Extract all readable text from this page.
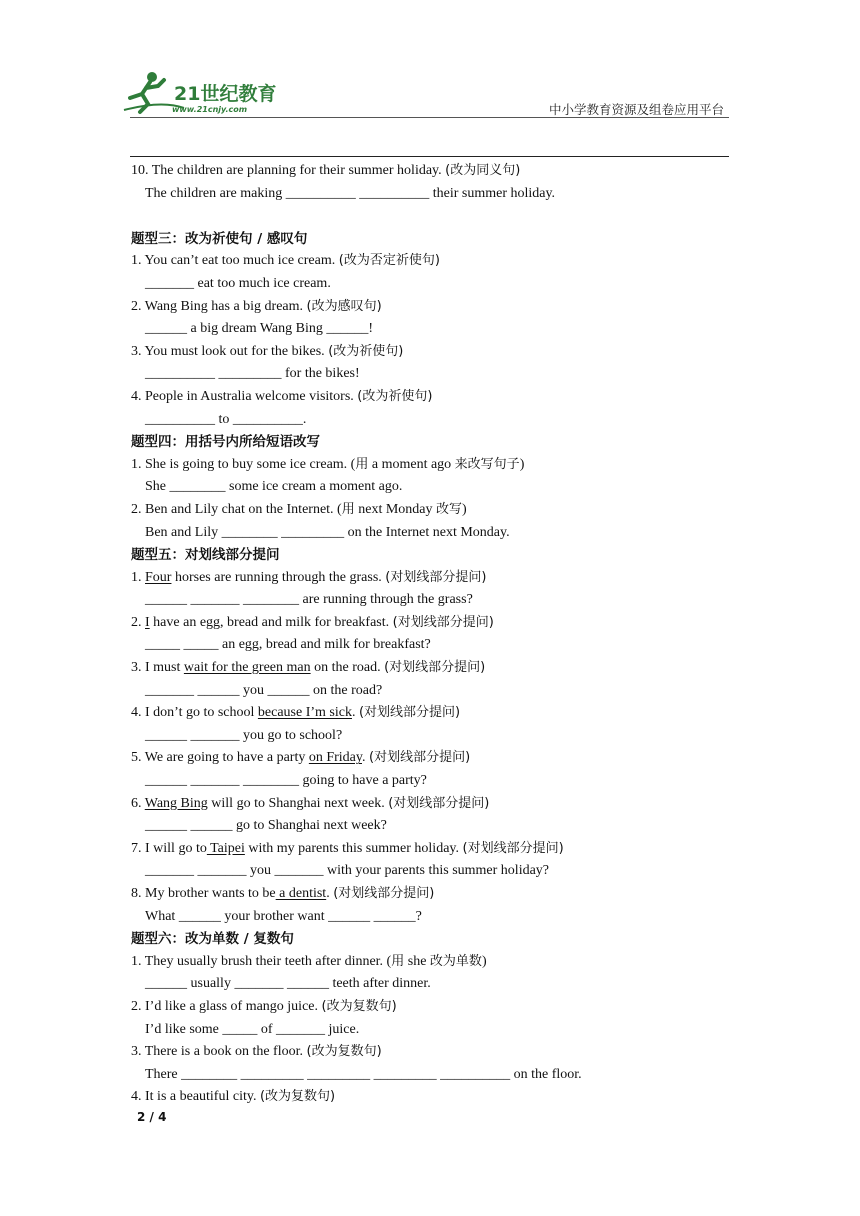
21世纪教育
www.21cnjy.com	中小学教育资源及组卷应用平台
10. The children are planning for their summer holiday. (改为同义句)
The children are making __________ __________ their summer holiday.
题型三：改为祈使句 / 感叹句
1. You can’t eat too much ice cream. (改为否定祈使句)
_______ eat too much ice cream.
2. Wang Bing has a big dream. (改为感叹句)
______ a big dream Wang Bing ______!
3. You must look out for the bikes. (改为祈使句)
__________ _________ for the bikes!
4. People in Australia welcome visitors. (改为祈使句)
__________ to __________.
题型四：用括号内所给短语改写
1. She is going to buy some ice cream. (用 a moment ago 来改写句子)
She ________ some ice cream a moment ago.
2. Ben and Lily chat on the Internet. (用 next Monday 改写)
Ben and Lily ________ _________ on the Internet next Monday.
题型五：对划线部分提问
1. Four horses are running through the grass. (对划线部分提问)
______ _______ ________ are running through the grass?
2. I have an egg, bread and milk for breakfast. (对划线部分提问)
_____ _____ an egg, bread and milk for breakfast?
3. I must wait for the green man on the road. (对划线部分提问)
_______ ______ you ______ on the road?
4. I don’t go to school because I’m sick. (对划线部分提问)
______ _______ you go to school?
5. We are going to have a party on Friday. (对划线部分提问)
______ _______ ________ going to have a party?
6. Wang Bing will go to Shanghai next week. (对划线部分提问)
______ ______ go to Shanghai next week?
7. I will go to Taipei with my parents this summer holiday. (对划线部分提问)
_______ _______ you _______ with your parents this summer holiday?
8. My brother wants to be a dentist. (对划线部分提问)
What ______ your brother want ______ ______?
题型六：改为单数 / 复数句
1. They usually brush their teeth after dinner. (用 she 改为单数)
______ usually _______ ______ teeth after dinner.
2. I’d like a glass of mango juice. (改为复数句)
I’d like some _____ of _______ juice.
3. There is a book on the floor. (改为复数句)
There ________ _________ _________ _________ __________ on the floor.
4. It is a beautiful city. (改为复数句)
2 / 4
